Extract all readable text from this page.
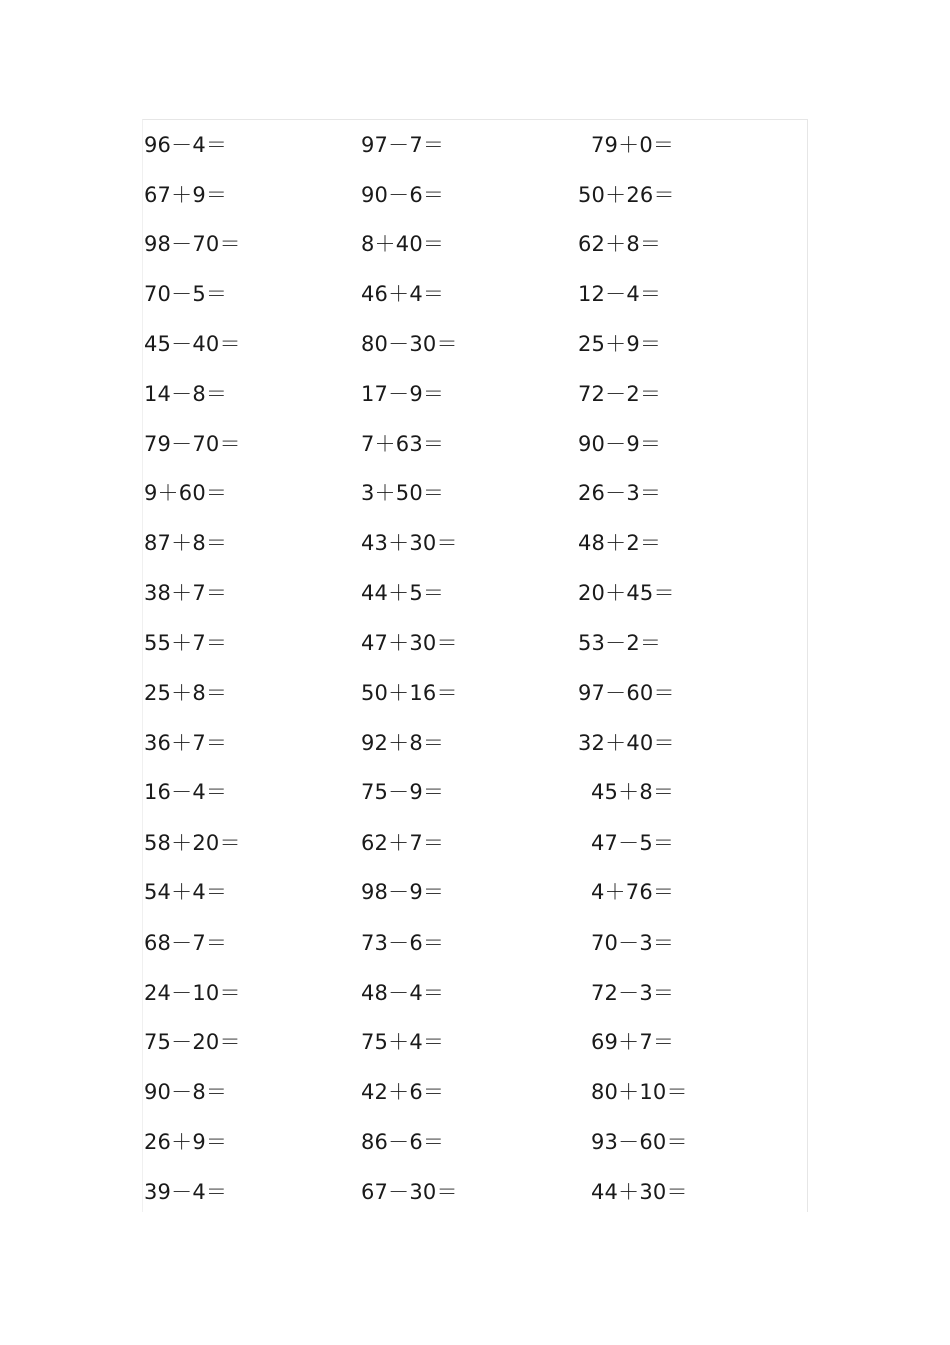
96－4＝	97－7＝	79＋0＝
67＋9＝	90－6＝	50＋26＝
98－70＝	8＋40＝	62＋8＝
70－5＝	46＋4＝	12－4＝
45－40＝	80－30＝	25＋9＝
14－8＝	17－9＝	72－2＝
79－70＝	7＋63＝	90－9＝
9＋60＝	3＋50＝	26－3＝
87＋8＝	43＋30＝	48＋2＝
38＋7＝	44＋5＝	20＋45＝
55＋7＝	47＋30＝	53－2＝
25＋8＝	50＋16＝	97－60＝
36＋7＝	92＋8＝	32＋40＝
16－4＝	75－9＝	45＋8＝
58＋20＝	62＋7＝	47－5＝
54＋4＝	98－9＝	4＋76＝
68－7＝	73－6＝	70－3＝
24－10＝	48－4＝	72－3＝
75－20＝	75＋4＝	69＋7＝
90－8＝	42＋6＝	80＋10＝
26＋9＝	86－6＝	93－60＝
39－4＝	67－30＝	44＋30＝
